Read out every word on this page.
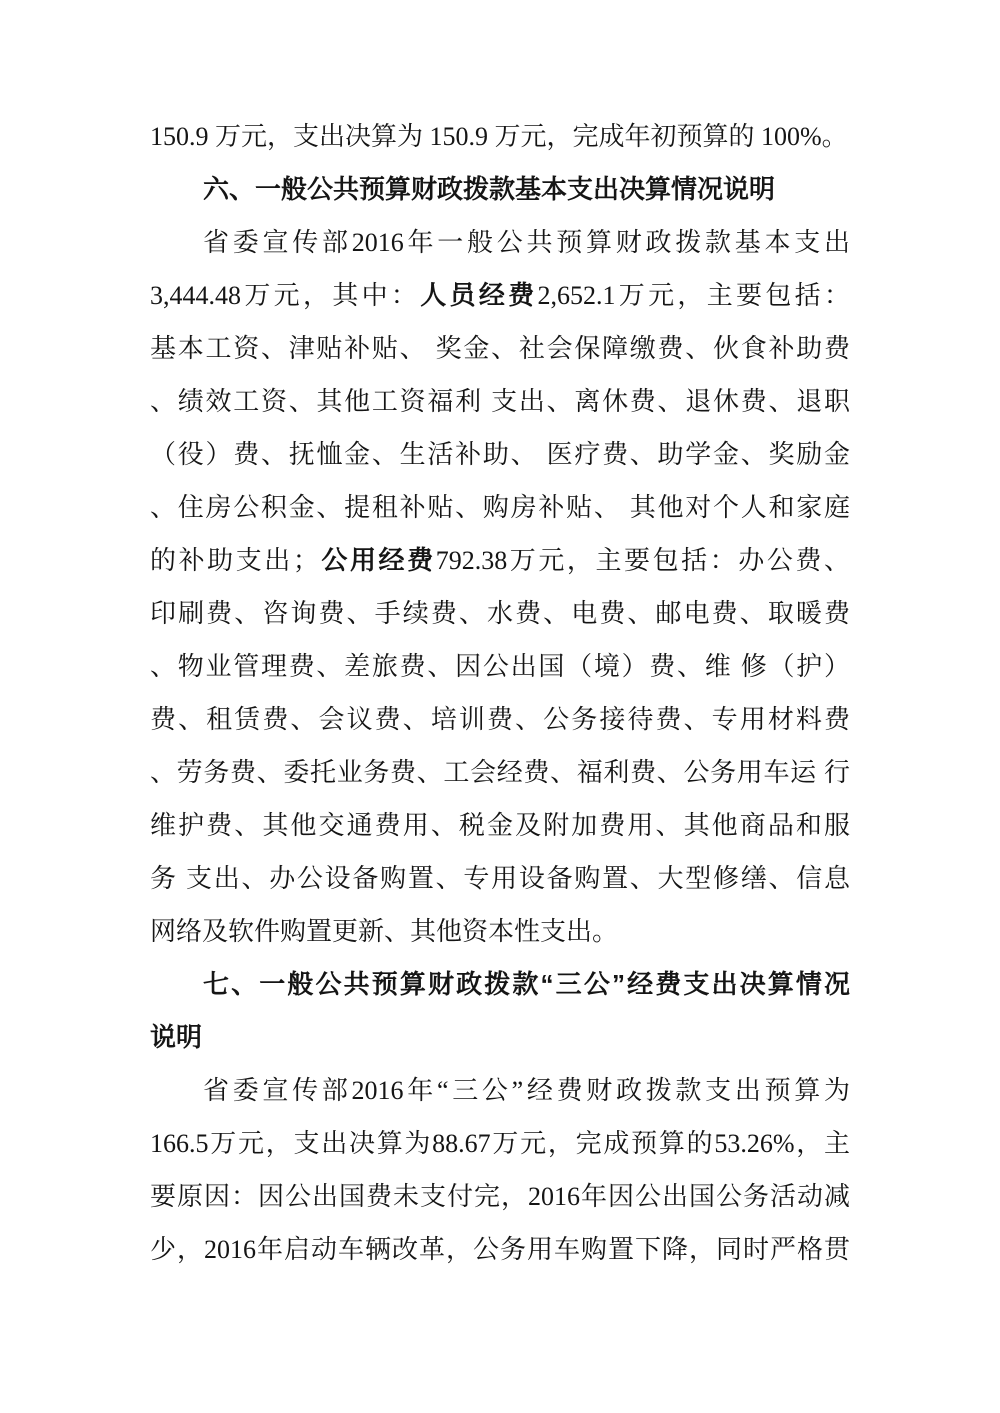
150.9 万元，支出决算为 150.9 万元，完成年初预算的 100%。
六、一般公共预算财政拨款基本支出决算情况说明
省委宣传部2016年一般公共预算财政拨款基本支出
3,444.48万元，其中：人员经费2,652.1万元，主要包括：
基本工资、津贴补贴、 奖金、社会保障缴费、伙食补助费
、绩效工资、其他工资福利 支出、离休费、退休费、退职
（役）费、抚恤金、生活补助、 医疗费、助学金、奖励金
、住房公积金、提租补贴、购房补贴、 其他对个人和家庭
的补助支出；公用经费792.38万元，主要包括：办公费、
印刷费、咨询费、手续费、水费、电费、邮电费、取暖费
、物业管理费、差旅费、因公出国（境）费、维 修（护）
费、租赁费、会议费、培训费、公务接待费、专用材料费
、劳务费、委托业务费、工会经费、福利费、公务用车运 行
维护费、其他交通费用、税金及附加费用、其他商品和服
务 支出、办公设备购置、专用设备购置、大型修缮、信息
网络及软件购置更新、其他资本性支出。
七、一般公共预算财政拨款“三公”经费支出决算情况
说明
省委宣传部2016年“三公”经费财政拨款支出预算为
166.5万元，支出决算为88.67万元，完成预算的53.26%，主
要原因：因公出国费未支付完，2016年因公出国公务活动减
少，2016年启动车辆改革，公务用车购置下降，同时严格贯
